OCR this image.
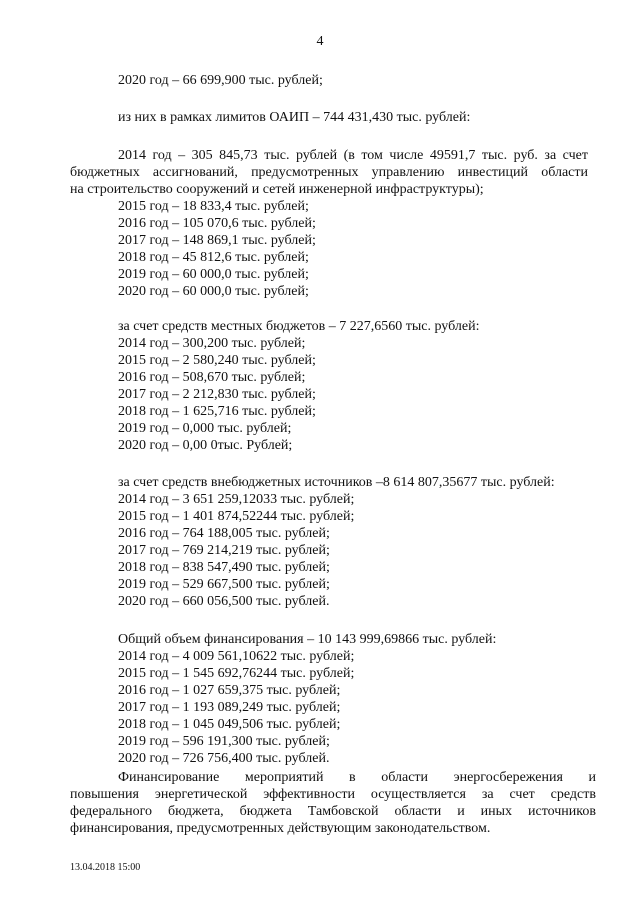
4
2020 год – 66 699,900 тыс. рублей;
из них в рамках лимитов ОАИП – 744 431,430 тыс. рублей:
2014 год – 305 845,73 тыс. рублей (в том числе 49591,7 тыс. руб. за счет
бюджетных ассигнований, предусмотренных управлению инвестиций области
на строительство сооружений и сетей инженерной инфраструктуры);
2015 год – 18 833,4 тыс. рублей;
2016 год – 105 070,6 тыс. рублей;
2017 год – 148 869,1 тыс. рублей;
2018 год – 45 812,6 тыс. рублей;
2019 год – 60 000,0 тыс. рублей;
2020 год – 60 000,0 тыс. рублей;
за счет средств местных бюджетов – 7 227,6560 тыс. рублей:
2014 год – 300,200 тыс. рублей;
2015 год – 2 580,240 тыс. рублей;
2016 год – 508,670 тыс. рублей;
2017 год – 2 212,830 тыс. рублей;
2018 год – 1 625,716 тыс. рублей;
2019 год – 0,000 тыс. рублей;
2020 год – 0,00 0тыс. Рублей;
за счет средств внебюджетных источников –8 614 807,35677 тыс. рублей:
2014 год – 3 651 259,12033 тыс. рублей;
2015 год – 1 401 874,52244 тыс. рублей;
2016 год – 764 188,005 тыс. рублей;
2017 год – 769 214,219 тыс. рублей;
2018 год – 838 547,490 тыс. рублей;
2019 год – 529 667,500 тыс. рублей;
2020 год – 660 056,500 тыс. рублей.
Общий объем финансирования – 10 143 999,69866 тыс. рублей:
2014 год – 4 009 561,10622 тыс. рублей;
2015 год – 1 545 692,76244 тыс. рублей;
2016 год – 1 027 659,375 тыс. рублей;
2017 год – 1 193 089,249 тыс. рублей;
2018 год – 1 045 049,506 тыс. рублей;
2019 год – 596 191,300 тыс. рублей;
2020 год – 726 756,400 тыс. рублей.
Финансирование мероприятий в области энергосбережения и
повышения энергетической эффективности осуществляется за счет средств
федерального бюджета, бюджета Тамбовской области и иных источников
финансирования, предусмотренных действующим законодательством.
13.04.2018 15:00
